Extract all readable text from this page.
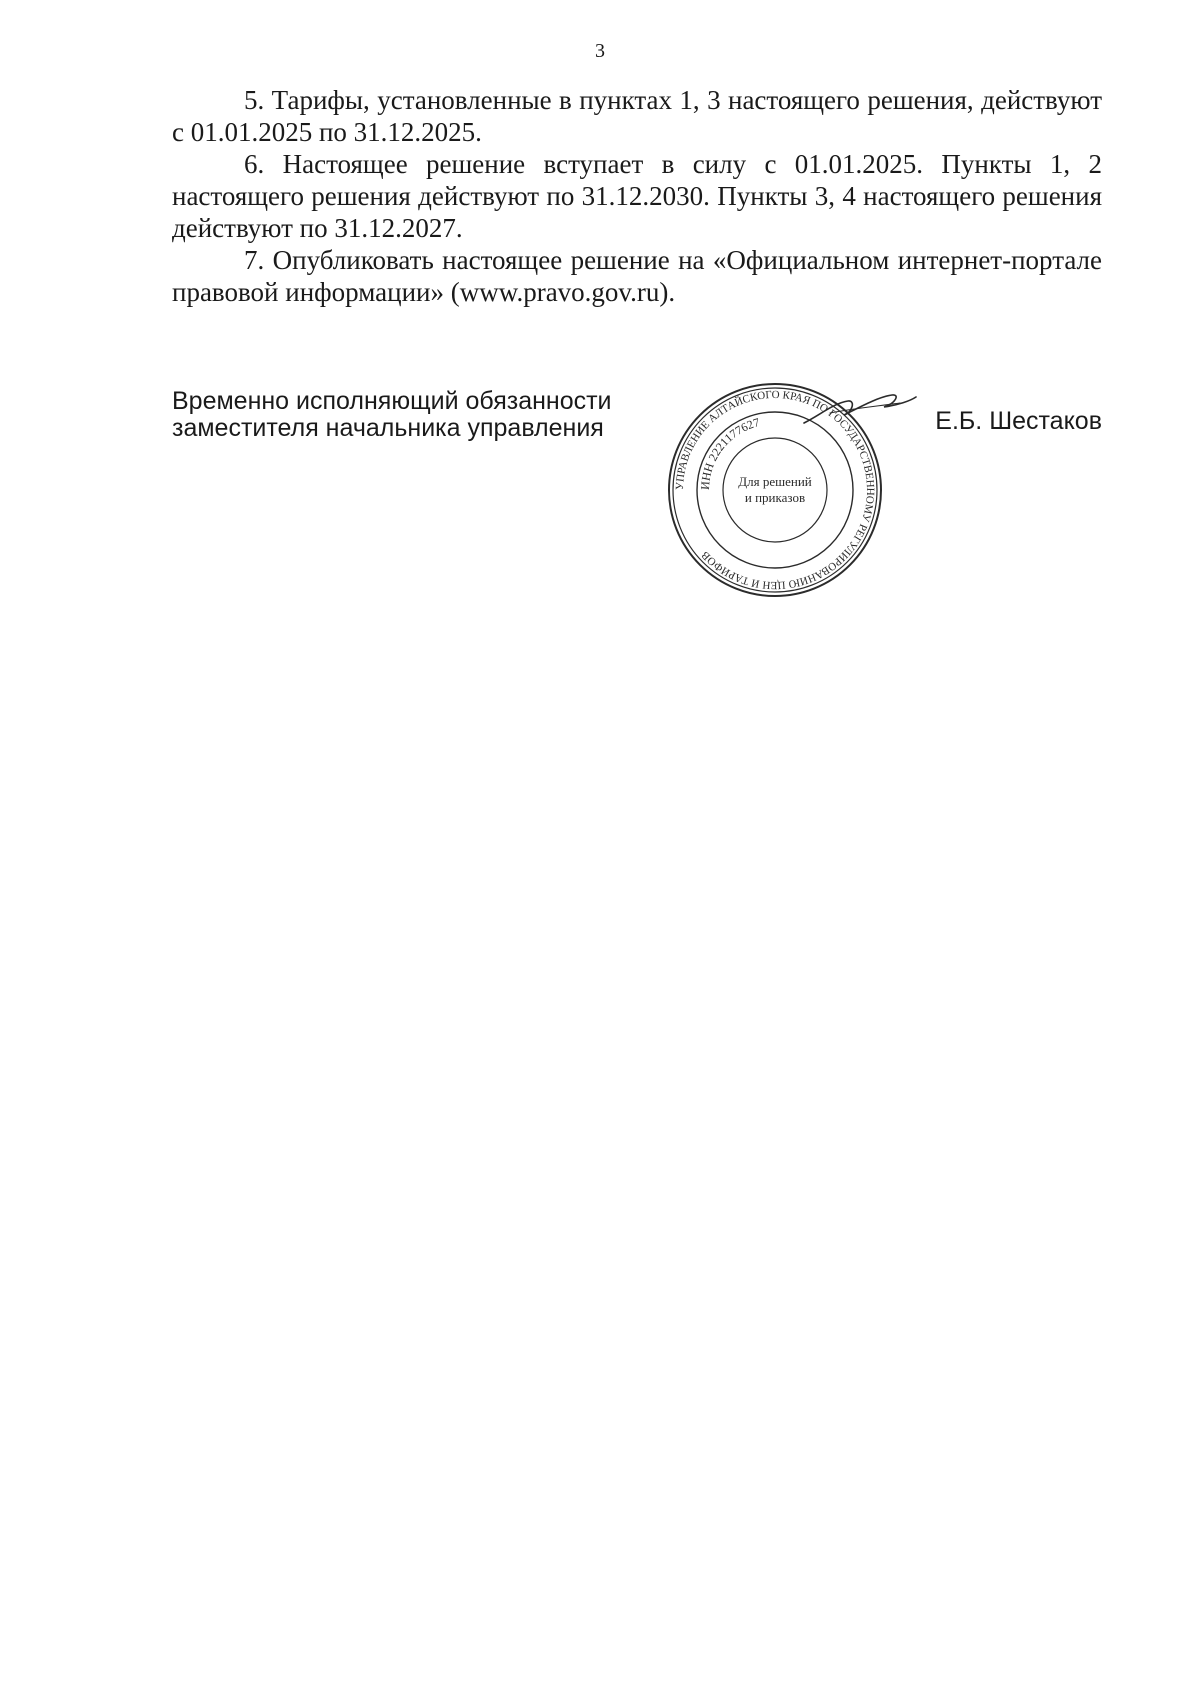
3

5. Тарифы, установленные в пунктах 1, 3 настоящего решения, действуют с 01.01.2025 по 31.12.2025.

6. Настоящее решение вступает в силу с 01.01.2025. Пункты 1, 2 настоящего решения действуют по 31.12.2030. Пункты 3, 4 настоящего решения действуют по 31.12.2027.

7. Опубликовать настоящее решение на «Официальном интернет-портале правовой информации» (www.pravo.gov.ru).

Временно исполняющий обязанности
заместителя начальника управления
УПРАВЛЕНИЕ АЛТАЙСКОГО КРАЯ ПО ГОСУДАРСТВЕННОМУ РЕГУЛИРОВАНИЮ ЦЕН И ТАРИФОВ
ИНН 2221177627
Для решений
и приказов
Е.Б. Шестаков
